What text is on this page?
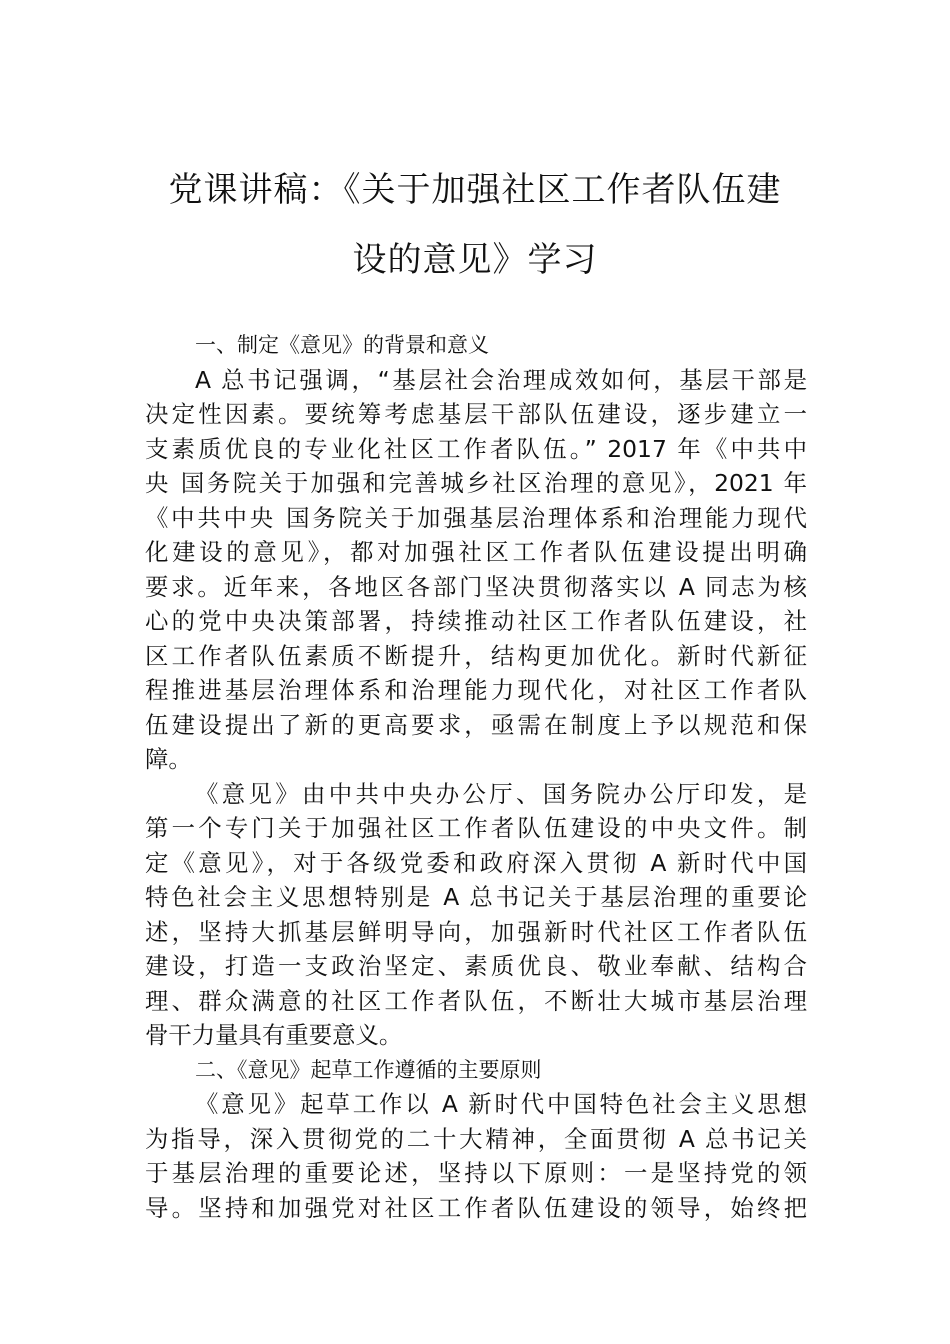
党课讲稿：《关于加强社区工作者队伍建
设的意见》学习
一、制定《意见》的背景和意义
A 总书记强调，“基层社会治理成效如何，基层干部是
决定性因素。要统筹考虑基层干部队伍建设，逐步建立一
支素质优良的专业化社区工作者队伍。” 2017 年《中共中
央 国务院关于加强和完善城乡社区治理的意见》，2021 年
《中共中央 国务院关于加强基层治理体系和治理能力现代
化建设的意见》，都对加强社区工作者队伍建设提出明确
要求。近年来，各地区各部门坚决贯彻落实以 A 同志为核
心的党中央决策部署，持续推动社区工作者队伍建设，社
区工作者队伍素质不断提升，结构更加优化。新时代新征
程推进基层治理体系和治理能力现代化，对社区工作者队
伍建设提出了新的更高要求，亟需在制度上予以规范和保
障。
《意见》由中共中央办公厅、国务院办公厅印发，是
第一个专门关于加强社区工作者队伍建设的中央文件。制
定《意见》，对于各级党委和政府深入贯彻 A 新时代中国
特色社会主义思想特别是 A 总书记关于基层治理的重要论
述，坚持大抓基层鲜明导向，加强新时代社区工作者队伍
建设，打造一支政治坚定、素质优良、敬业奉献、结构合
理、群众满意的社区工作者队伍，不断壮大城市基层治理
骨干力量具有重要意义。
二、《意见》起草工作遵循的主要原则
《意见》起草工作以 A 新时代中国特色社会主义思想
为指导，深入贯彻党的二十大精神，全面贯彻 A 总书记关
于基层治理的重要论述，坚持以下原则：一是坚持党的领
导。坚持和加强党对社区工作者队伍建设的领导，始终把
